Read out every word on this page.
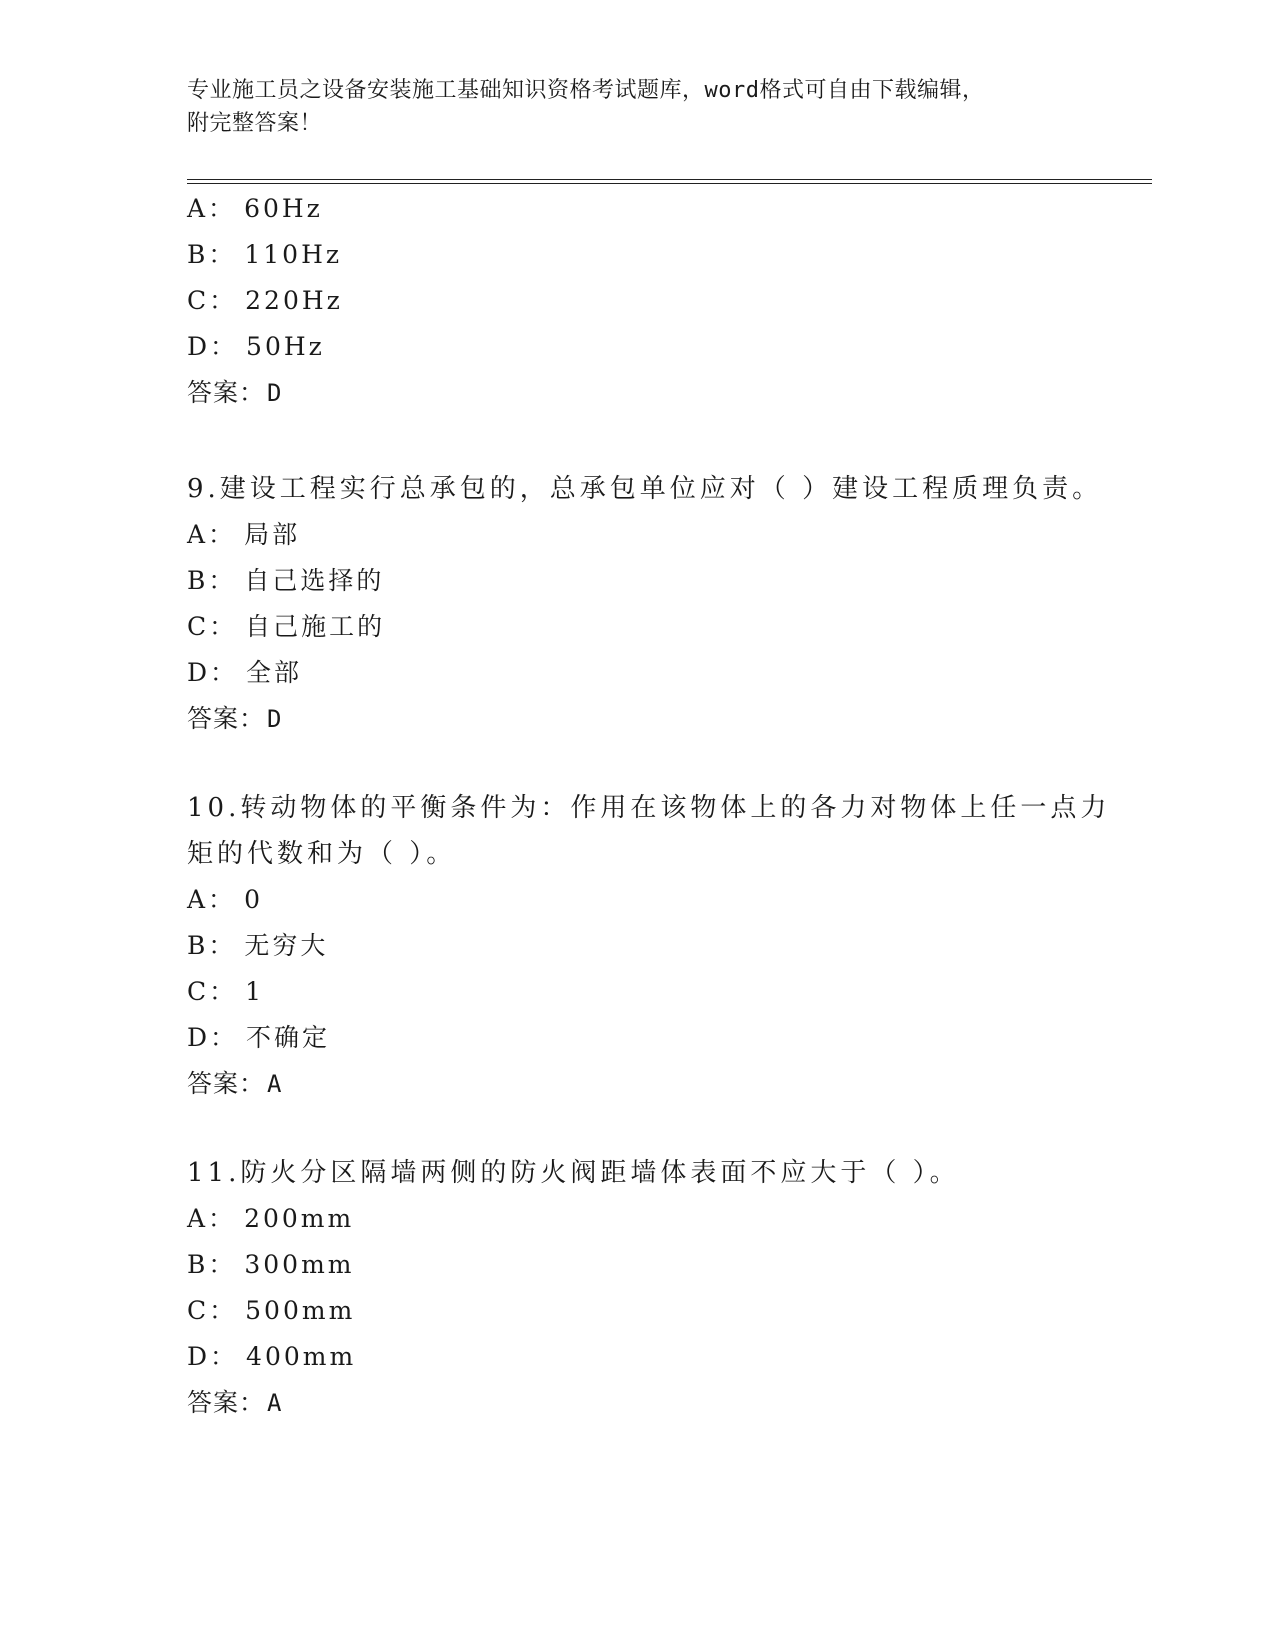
专业施工员之设备安装施工基础知识资格考试题库，word格式可自由下载编辑，
附完整答案！
A： 60Hz
B： 110Hz
C： 220Hz
D： 50Hz
答案：D
9.建设工程实行总承包的，总承包单位应对（ ）建设工程质理负责。
A： 局部
B： 自己选择的
C： 自己施工的
D： 全部
答案：D
10.转动物体的平衡条件为：作用在该物体上的各力对物体上任一点力
矩的代数和为（ ）。
A： 0
B： 无穷大
C： 1
D： 不确定
答案：A
11.防火分区隔墙两侧的防火阀距墙体表面不应大于（ ）。
A： 200mm
B： 300mm
C： 500mm
D： 400mm
答案：A
